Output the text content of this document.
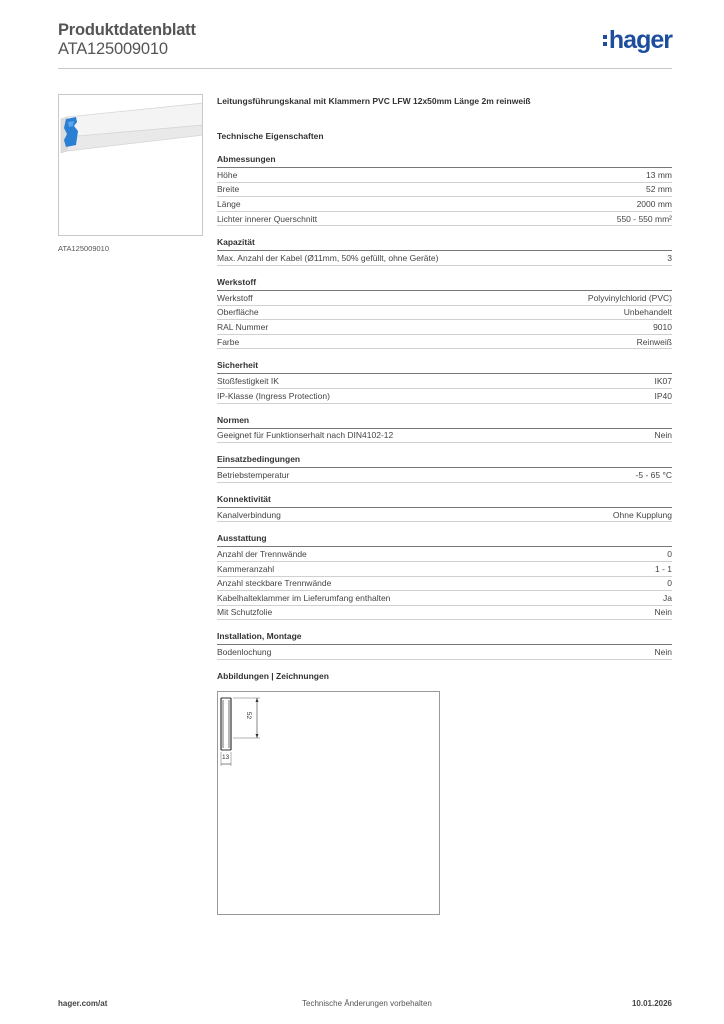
Produktdatenblatt
ATA125009010	hager
ATA125009010
Leitungsführungskanal mit Klammern PVC LFW 12x50mm Länge 2m reinweiß
Technische Eigenschaften
Abmessungen
Höhe	13 mm
Breite	52 mm
Länge	2000 mm
Lichter innerer Querschnitt	550 - 550 mm²
Kapazität
Max. Anzahl der Kabel (Ø11mm, 50% gefüllt, ohne Geräte)	3
Werkstoff
Werkstoff	Polyvinylchlorid (PVC)
Oberfläche	Unbehandelt
RAL Nummer	9010
Farbe	Reinweiß
Sicherheit
Stoßfestigkeit IK	IK07
IP-Klasse (Ingress Protection)	IP40
Normen
Geeignet für Funktionserhalt nach DIN4102-12	Nein
Einsatzbedingungen
Betriebstemperatur	-5 - 65 °C
Konnektivität
Kanalverbindung	Ohne Kupplung
Ausstattung
Anzahl der Trennwände	0
Kammeranzahl	1 - 1
Anzahl steckbare Trennwände	0
Kabelhalteklammer im Lieferumfang enthalten	Ja
Mit Schutzfolie	Nein
Installation, Montage
Bodenlochung	Nein
Abbildungen | Zeichnungen
52
13
hager.com/at	Technische Änderungen vorbehalten	10.01.2026
